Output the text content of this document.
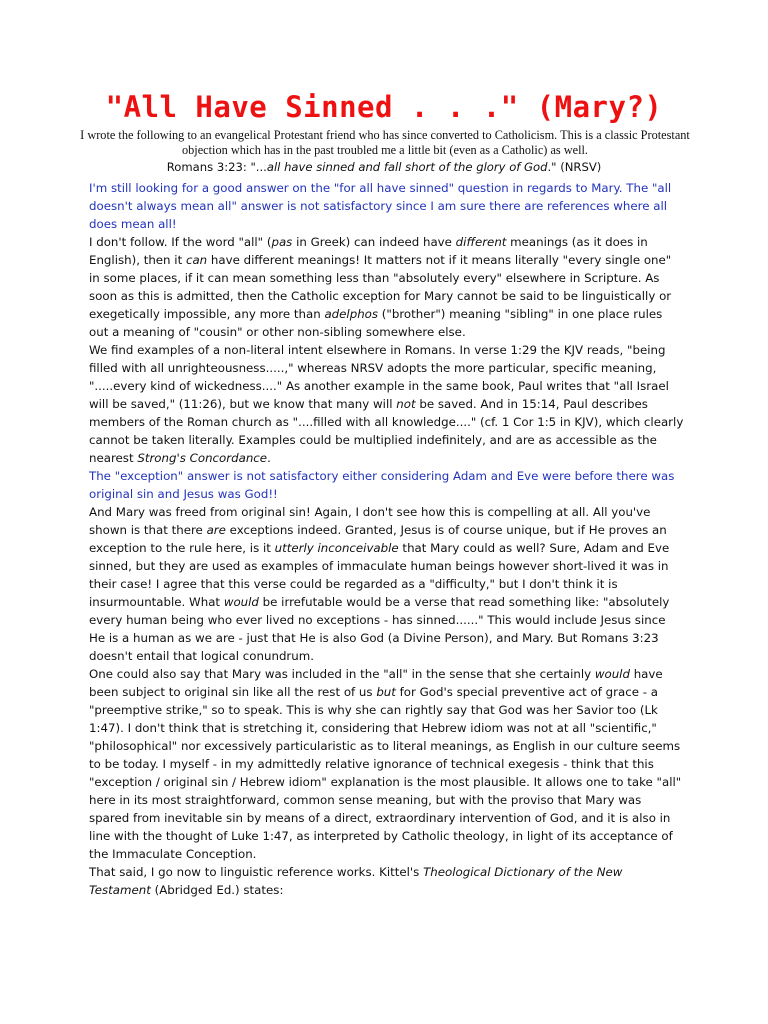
"All Have Sinned . . ." (Mary?)

I wrote the following to an evangelical Protestant friend who has since converted to Catholicism. This is a classic Protestant objection which has in the past troubled me a little bit (even as a Catholic) as well.

Romans 3:23: "...all have sinned and fall short of the glory of God." (NRSV)

I'm still looking for a good answer on the "for all have sinned" question in regards to Mary. The "all doesn't always mean all" answer is not satisfactory since I am sure there are references where all does mean all!

I don't follow. If the word "all" (pas in Greek) can indeed have different meanings (as it does in English), then it can have different meanings! It matters not if it means literally "every single one" in some places, if it can mean something less than "absolutely every" elsewhere in Scripture. As soon as this is admitted, then the Catholic exception for Mary cannot be said to be linguistically or exegetically impossible, any more than adelphos ("brother") meaning "sibling" in one place rules out a meaning of "cousin" or other non-sibling somewhere else.

We find examples of a non-literal intent elsewhere in Romans. In verse 1:29 the KJV reads, "being filled with all unrighteousness.....," whereas NRSV adopts the more particular, specific meaning, ".....every kind of wickedness...." As another example in the same book, Paul writes that "all Israel will be saved," (11:26), but we know that many will not be saved. And in 15:14, Paul describes members of the Roman church as "....filled with all knowledge...." (cf. 1 Cor 1:5 in KJV), which clearly cannot be taken literally. Examples could be multiplied indefinitely, and are as accessible as the nearest Strong's Concordance.

The "exception" answer is not satisfactory either considering Adam and Eve were before there was original sin and Jesus was God!!

And Mary was freed from original sin! Again, I don't see how this is compelling at all. All you've shown is that there are exceptions indeed. Granted, Jesus is of course unique, but if He proves an exception to the rule here, is it utterly inconceivable that Mary could as well? Sure, Adam and Eve sinned, but they are used as examples of immaculate human beings however short-lived it was in their case! I agree that this verse could be regarded as a "difficulty," but I don't think it is insurmountable. What would be irrefutable would be a verse that read something like: "absolutely every human being who ever lived no exceptions - has sinned......" This would include Jesus since He is a human as we are - just that He is also God (a Divine Person), and Mary. But Romans 3:23 doesn't entail that logical conundrum.

One could also say that Mary was included in the "all" in the sense that she certainly would have been subject to original sin like all the rest of us but for God's special preventive act of grace - a "preemptive strike," so to speak. This is why she can rightly say that God was her Savior too (Lk 1:47). I don't think that is stretching it, considering that Hebrew idiom was not at all "scientific," "philosophical" nor excessively particularistic as to literal meanings, as English in our culture seems to be today. I myself - in my admittedly relative ignorance of technical exegesis - think that this "exception / original sin / Hebrew idiom" explanation is the most plausible. It allows one to take "all" here in its most straightforward, common sense meaning, but with the proviso that Mary was spared from inevitable sin by means of a direct, extraordinary intervention of God, and it is also in line with the thought of Luke 1:47, as interpreted by Catholic theology, in light of its acceptance of the Immaculate Conception.

That said, I go now to linguistic reference works. Kittel's Theological Dictionary of the New Testament (Abridged Ed.) states:
